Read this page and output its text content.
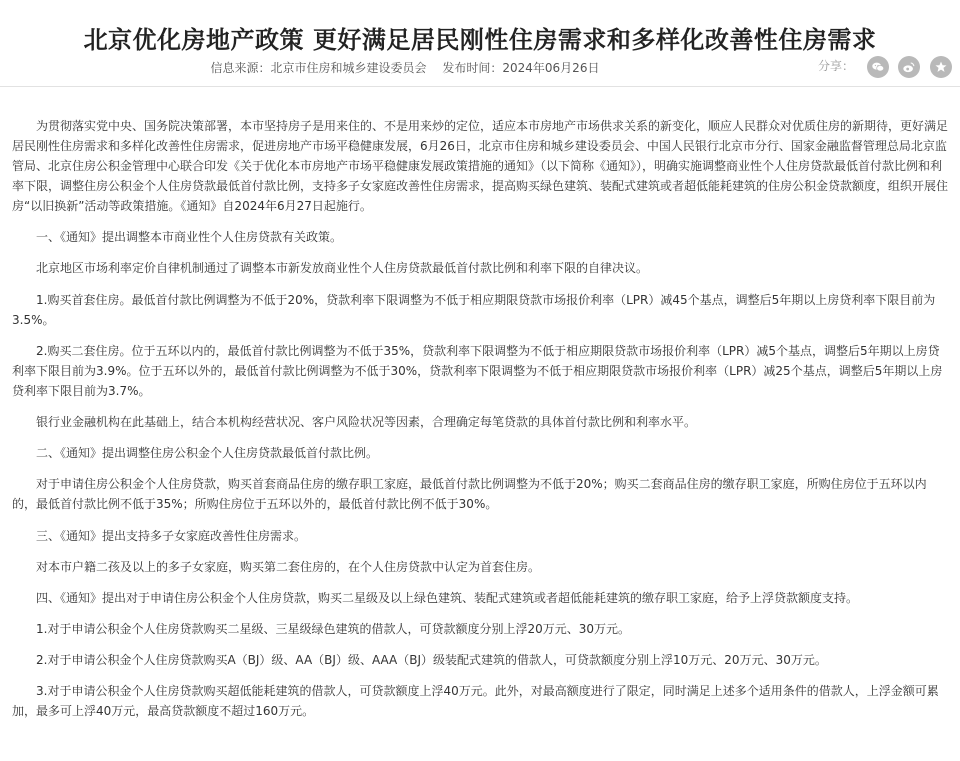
北京优化房地产政策 更好满足居民刚性住房需求和多样化改善性住房需求
信息来源：北京市住房和城乡建设委员会 发布时间：2024年06月26日	分享：

为贯彻落实党中央、国务院决策部署，本市坚持房子是用来住的、不是用来炒的定位，适应本市房地产市场供求关系的新变化，顺应人民群众对优质住房的新期待，更好满足居民刚性住房需求和多样化改善性住房需求，促进房地产市场平稳健康发展，6月26日，北京市住房和城乡建设委员会、中国人民银行北京市分行、国家金融监督管理总局北京监管局、北京住房公积金管理中心联合印发《关于优化本市房地产市场平稳健康发展政策措施的通知》（以下简称《通知》），明确实施调整商业性个人住房贷款最低首付款比例和利率下限，调整住房公积金个人住房贷款最低首付款比例，支持多子女家庭改善性住房需求，提高购买绿色建筑、装配式建筑或者超低能耗建筑的住房公积金贷款额度，组织开展住房“以旧换新”活动等政策措施。《通知》自2024年6月27日起施行。

一、《通知》提出调整本市商业性个人住房贷款有关政策。

北京地区市场利率定价自律机制通过了调整本市新发放商业性个人住房贷款最低首付款比例和利率下限的自律决议。

1.购买首套住房。最低首付款比例调整为不低于20%，贷款利率下限调整为不低于相应期限贷款市场报价利率（LPR）减45个基点，调整后5年期以上房贷利率下限目前为3.5%。

2.购买二套住房。位于五环以内的，最低首付款比例调整为不低于35%，贷款利率下限调整为不低于相应期限贷款市场报价利率（LPR）减5个基点，调整后5年期以上房贷利率下限目前为3.9%。位于五环以外的，最低首付款比例调整为不低于30%，贷款利率下限调整为不低于相应期限贷款市场报价利率（LPR）减25个基点，调整后5年期以上房贷利率下限目前为3.7%。

银行业金融机构在此基础上，结合本机构经营状况、客户风险状况等因素，合理确定每笔贷款的具体首付款比例和利率水平。

二、《通知》提出调整住房公积金个人住房贷款最低首付款比例。

对于申请住房公积金个人住房贷款，购买首套商品住房的缴存职工家庭，最低首付款比例调整为不低于20%；购买二套商品住房的缴存职工家庭，所购住房位于五环以内的，最低首付款比例不低于35%；所购住房位于五环以外的，最低首付款比例不低于30%。

三、《通知》提出支持多子女家庭改善性住房需求。

对本市户籍二孩及以上的多子女家庭，购买第二套住房的，在个人住房贷款中认定为首套住房。

四、《通知》提出对于申请住房公积金个人住房贷款，购买二星级及以上绿色建筑、装配式建筑或者超低能耗建筑的缴存职工家庭，给予上浮贷款额度支持。

1.对于申请公积金个人住房贷款购买二星级、三星级绿色建筑的借款人，可贷款额度分别上浮20万元、30万元。

2.对于申请公积金个人住房贷款购买A（BJ）级、AA（BJ）级、AAA（BJ）级装配式建筑的借款人，可贷款额度分别上浮10万元、20万元、30万元。

3.对于申请公积金个人住房贷款购买超低能耗建筑的借款人，可贷款额度上浮40万元。此外，对最高额度进行了限定，同时满足上述多个适用条件的借款人，上浮金额可累加，最多可上浮40万元，最高贷款额度不超过160万元。
